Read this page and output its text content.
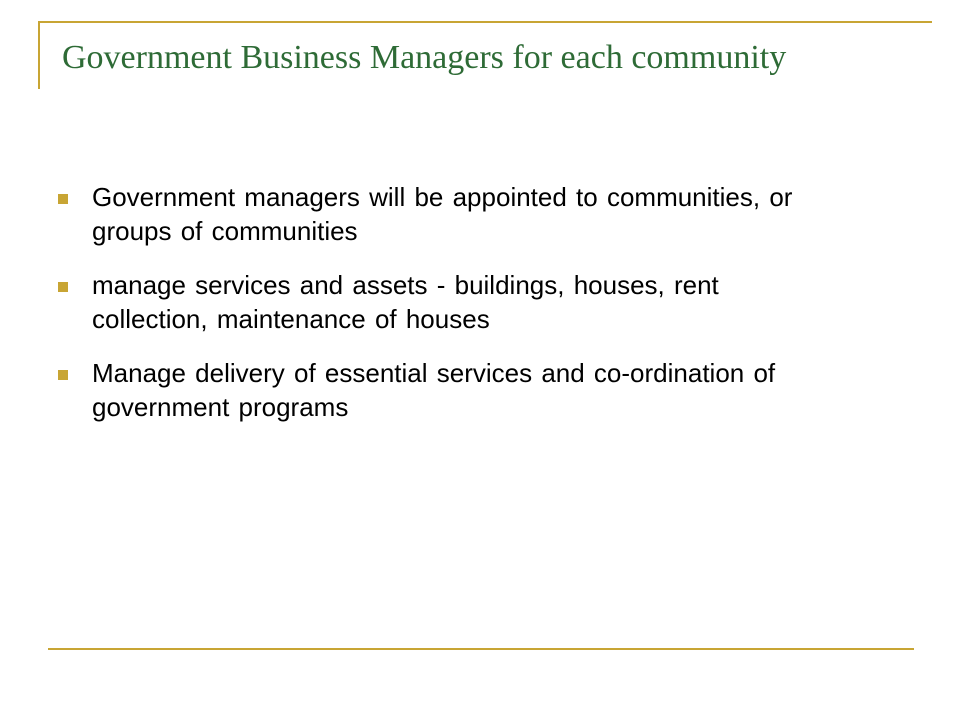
Government Business Managers for each community
Government managers will be appointed to communities, or groups of communities
manage services and assets - buildings, houses, rent collection, maintenance of houses
Manage delivery of essential services and co-ordination of government programs
